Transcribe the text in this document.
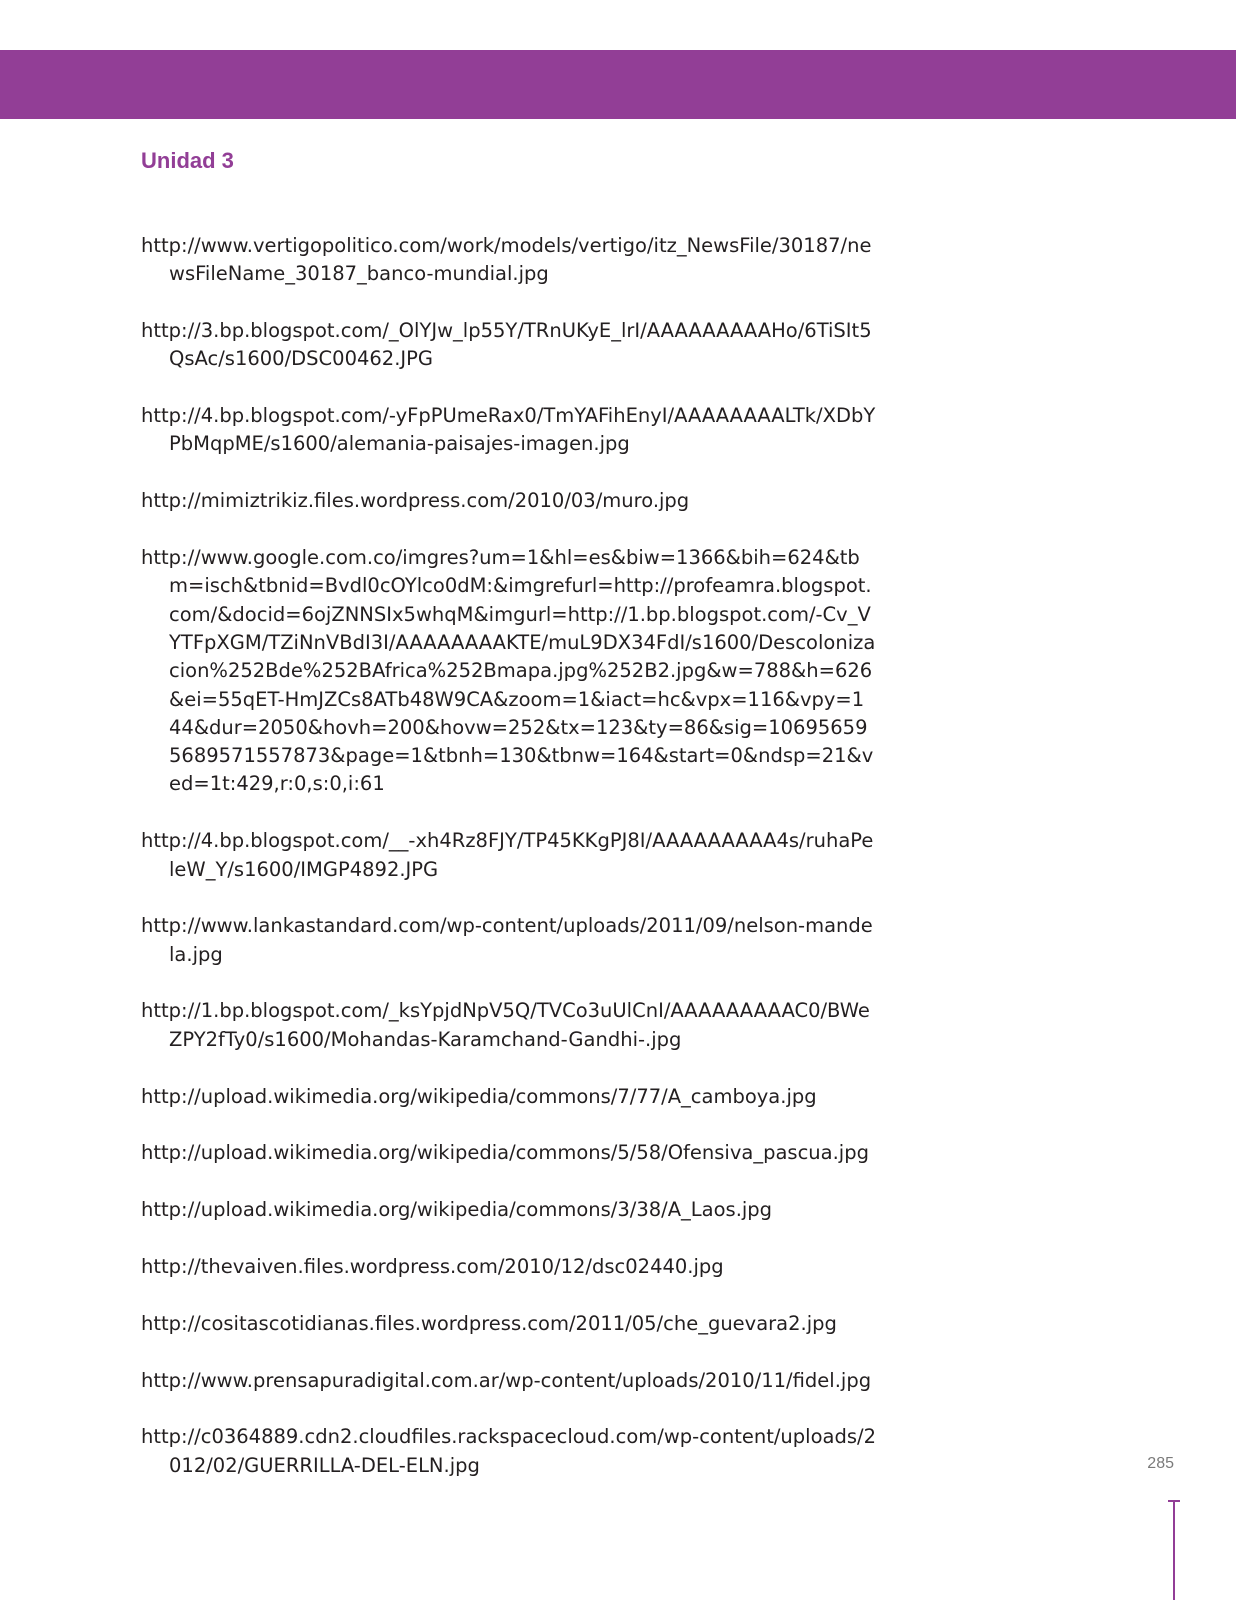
Unidad 3
http://www.vertigopolitico.com/work/models/vertigo/itz_NewsFile/30187/newsFileName_30187_banco-mundial.jpg
http://3.bp.blogspot.com/_OlYJw_lp55Y/TRnUKyE_lrI/AAAAAAAAAHo/6TiSIt5QsAc/s1600/DSC00462.JPG
http://4.bp.blogspot.com/-yFpPUmeRax0/TmYAFihEnyI/AAAAAAAALTk/XDbYPbMqpME/s1600/alemania-paisajes-imagen.jpg
http://mimiztrikiz.files.wordpress.com/2010/03/muro.jpg
http://www.google.com.co/imgres?um=1&hl=es&biw=1366&bih=624&tbm=isch&tbnid=Bvdl0cOYlco0dM:&imgrefurl=http://profeamra.blogspot.com/&docid=6ojZNNSIx5whqM&imgurl=http://1.bp.blogspot.com/-Cv_VYTFpXGM/TZiNnVBdI3I/AAAAAAAAKTE/muL9DX34FdI/s1600/Descolonizacion%252Bde%252BAfrica%252Bmapa.jpg%252B2.jpg&w=788&h=626&ei=55qET-HmJZCs8ATb48W9CA&zoom=1&iact=hc&vpx=116&vpy=144&dur=2050&hovh=200&hovw=252&tx=123&ty=86&sig=106956595689571557873&page=1&tbnh=130&tbnw=164&start=0&ndsp=21&ved=1t:429,r:0,s:0,i:61
http://4.bp.blogspot.com/__-xh4Rz8FJY/TP45KKgPJ8I/AAAAAAAAA4s/ruhaPeleW_Y/s1600/IMGP4892.JPG
http://www.lankastandard.com/wp-content/uploads/2011/09/nelson-mandela.jpg
http://1.bp.blogspot.com/_ksYpjdNpV5Q/TVCo3uUlCnI/AAAAAAAAAC0/BWeZPY2fTy0/s1600/Mohandas-Karamchand-Gandhi-.jpg
http://upload.wikimedia.org/wikipedia/commons/7/77/A_camboya.jpg
http://upload.wikimedia.org/wikipedia/commons/5/58/Ofensiva_pascua.jpg
http://upload.wikimedia.org/wikipedia/commons/3/38/A_Laos.jpg
http://thevaiven.files.wordpress.com/2010/12/dsc02440.jpg
http://cositascotidianas.files.wordpress.com/2011/05/che_guevara2.jpg
http://www.prensapuradigital.com.ar/wp-content/uploads/2010/11/fidel.jpg
http://c0364889.cdn2.cloudfiles.rackspacecloud.com/wp-content/uploads/2012/02/GUERRILLA-DEL-ELN.jpg	285
